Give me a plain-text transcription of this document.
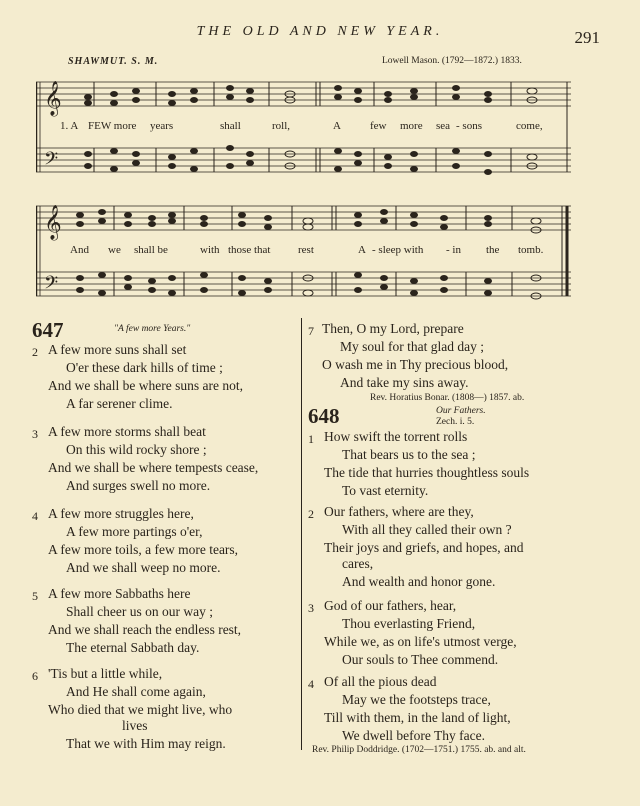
THE OLD AND NEW YEAR.	291
SHAWMUT. S. M.	Lowell Mason. (1792—1872.) 1833.
𝄞
𝄢
1. A FEW more years	shall	roll,	A	few more sea - sons	come,
𝄞
𝄢
And we shall be	with those that	rest	A - sleep with - in the tomb.
647	"A few more Years."
2 A few more suns shall set
O'er these dark hills of time ;
And we shall be where suns are not,
A far serener clime.
3 A few more storms shall beat
On this wild rocky shore ;
And we shall be where tempests cease,
And surges swell no more.
4 A few more struggles here,
A few more partings o'er,
A few more toils, a few more tears,
And we shall weep no more.
5 A few more Sabbaths here
Shall cheer us on our way ;
And we shall reach the endless rest,
The eternal Sabbath day.
6 'Tis but a little while,
And He shall come again,
Who died that we might live, who
lives
That we with Him may reign.
7 Then, O my Lord, prepare
My soul for that glad day ;
O wash me in Thy precious blood,
And take my sins away.
Rev. Horatius Bonar. (1808—) 1857. ab.
648	Our Fathers.
Zech. i. 5.
1 How swift the torrent rolls
That bears us to the sea ;
The tide that hurries thoughtless souls
To vast eternity.
2 Our fathers, where are they,
With all they called their own ?
Their joys and griefs, and hopes, and
cares,
And wealth and honor gone.
3 God of our fathers, hear,
Thou everlasting Friend,
While we, as on life's utmost verge,
Our souls to Thee commend.
4 Of all the pious dead
May we the footsteps trace,
Till with them, in the land of light,
We dwell before Thy face.
Rev. Philip Doddridge. (1702—1751.) 1755. ab. and alt.
